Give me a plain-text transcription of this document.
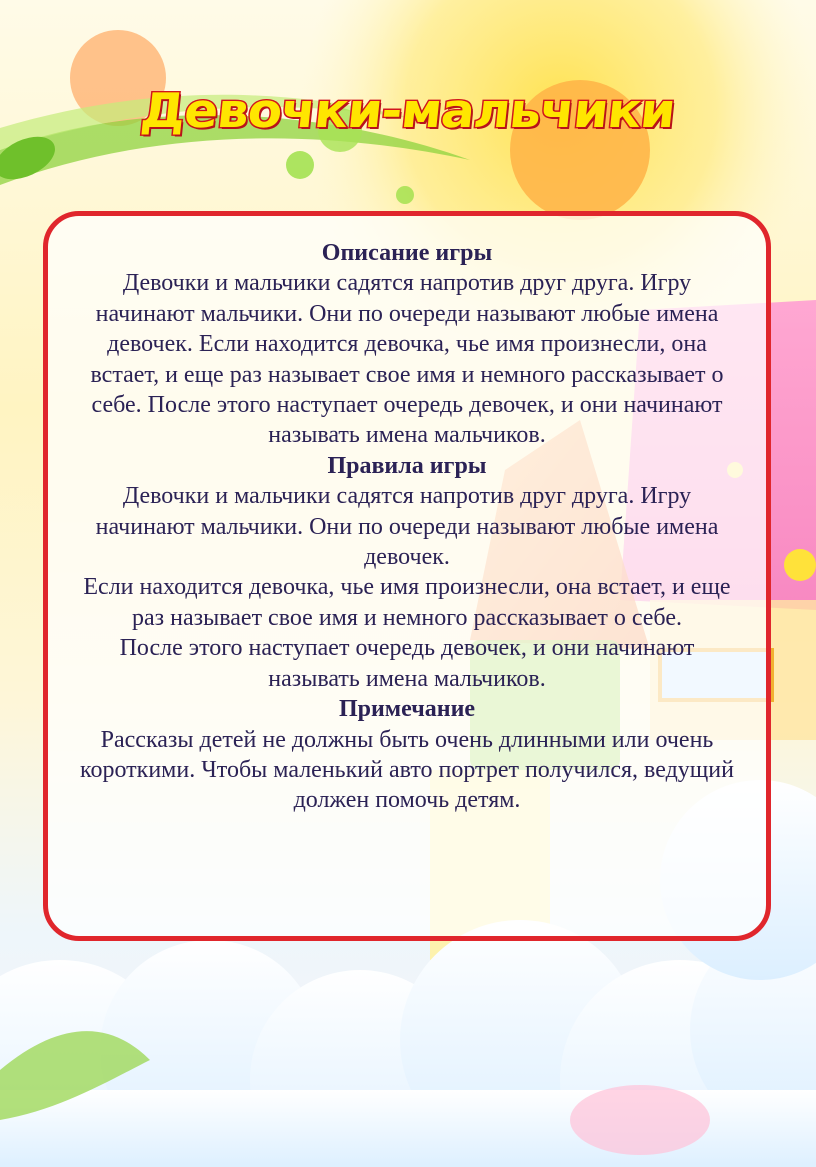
Девочки-мальчики
Описание игры

Девочки и мальчики садятся напротив друг друга. Игру начинают мальчики. Они по очереди называют любые имена девочек. Если находится девочка, чье имя произнесли, она встает, и еще раз называет свое имя и немного рассказывает о себе. После этого наступает очередь девочек, и они начинают называть имена мальчиков.

Правила игры

Девочки и мальчики садятся напротив друг друга. Игру начинают мальчики. Они по очереди называют любые имена девочек.

Если находится девочка, чье имя произнесли, она встает, и еще раз называет свое имя и немного рассказывает о себе.

После этого наступает очередь девочек, и они начинают называть имена мальчиков.

Примечание

Рассказы детей не должны быть очень длинными или очень короткими. Чтобы маленький авто портрет получился, ведущий должен помочь детям.
